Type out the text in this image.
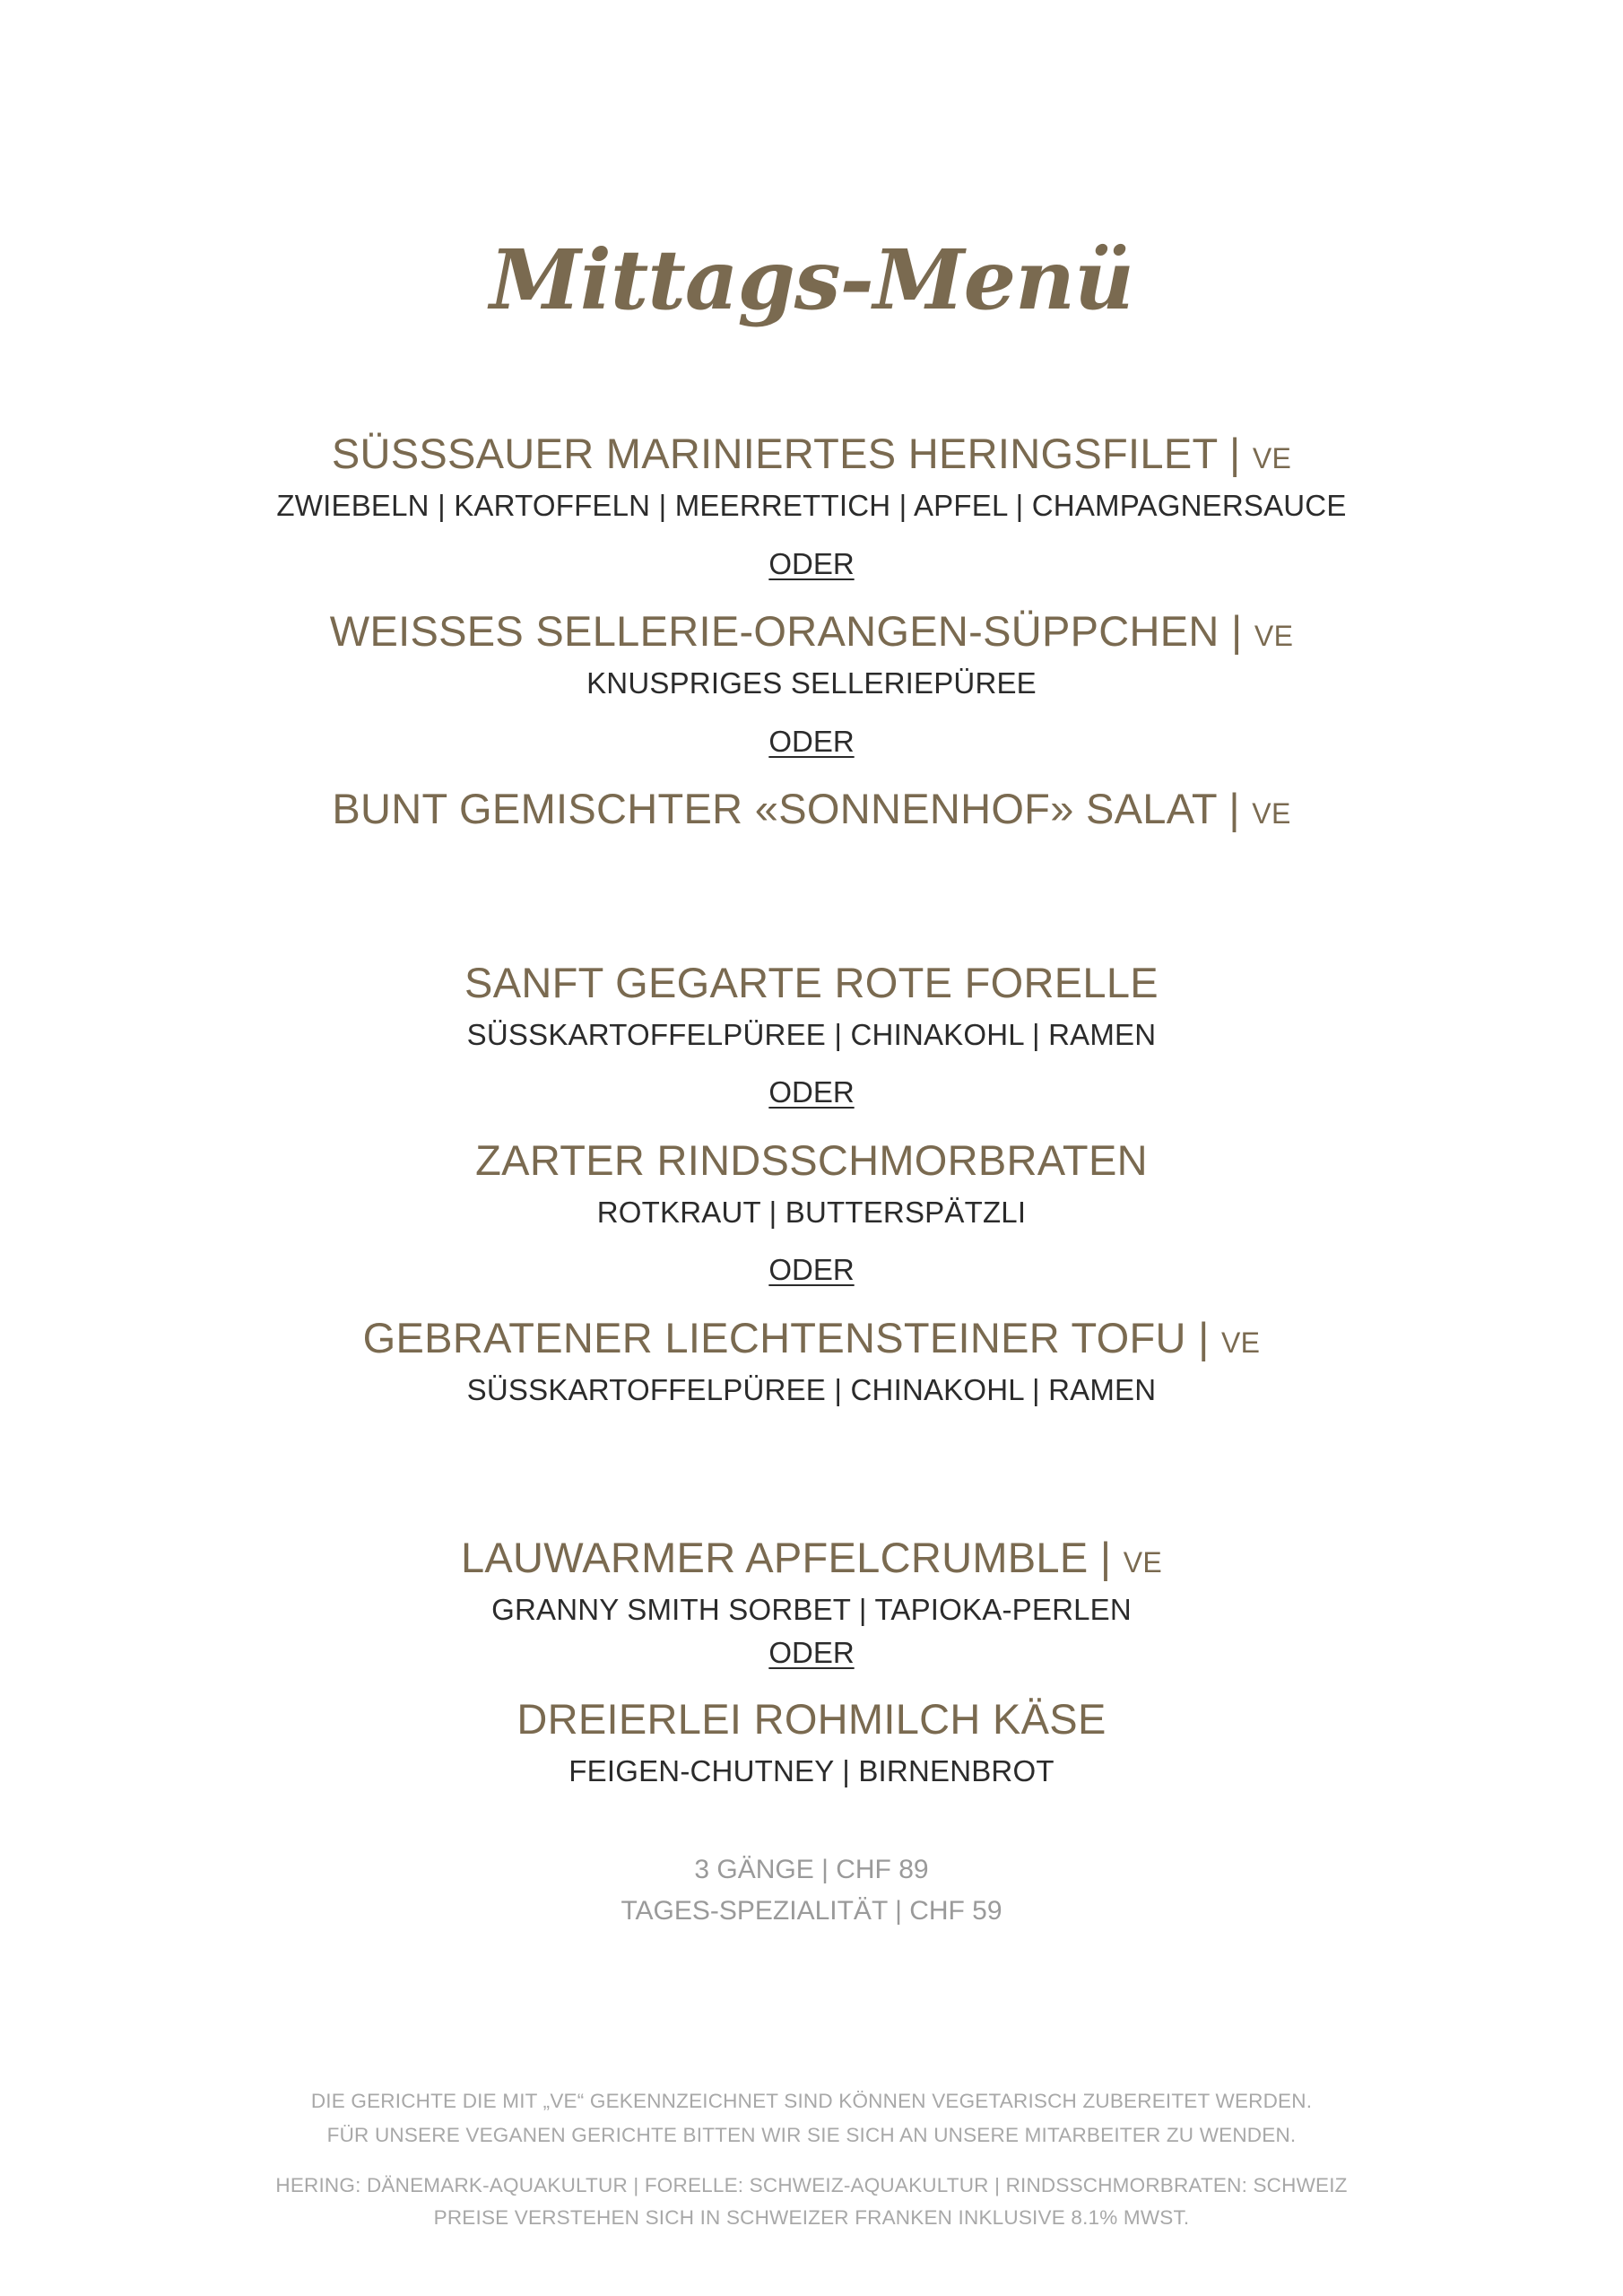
Mittags-Menü
SÜSSSAUER MARINIERTES HERINGSFILET | VE
ZWIEBELN | KARTOFFELN | MEERRETTICH | APFEL | CHAMPAGNERSAUCE
ODER
WEISSES SELLERIE-ORANGEN-SÜPPCHEN | VE
KNUSPRIGES SELLERIEPÜREE
ODER
BUNT GEMISCHTER «SONNENHOF» SALAT | VE
SANFT GEGARTE ROTE FORELLE
SÜSSKARTOFFELPÜREE | CHINAKOHL | RAMEN
ODER
ZARTER RINDSSCHMORBRATEN
ROTKRAUT | BUTTERSPÄTZLI
ODER
GEBRATENER LIECHTENSTEINER TOFU | VE
SÜSSKARTOFFELPÜREE | CHINAKOHL | RAMEN
LAUWARMER APFELCRUMBLE | VE
GRANNY SMITH SORBET | TAPIOKA-PERLEN
ODER
DREIERLEI ROHMILCH KÄSE
FEIGEN-CHUTNEY | BIRNENBROT
3 GÄNGE | CHF 89
TAGES-SPEZIALITÄT | CHF 59
DIE GERICHTE DIE MIT „VE“ GEKENNZEICHNET SIND KÖNNEN VEGETARISCH ZUBEREITET WERDEN.
FÜR UNSERE VEGANEN GERICHTE BITTEN WIR SIE SICH AN UNSERE MITARBEITER ZU WENDEN.
HERING: DÄNEMARK-AQUAKULTUR | FORELLE: SCHWEIZ-AQUAKULTUR | RINDSSCHMORBRATEN: SCHWEIZ
PREISE VERSTEHEN SICH IN SCHWEIZER FRANKEN INKLUSIVE 8.1% MWST.
